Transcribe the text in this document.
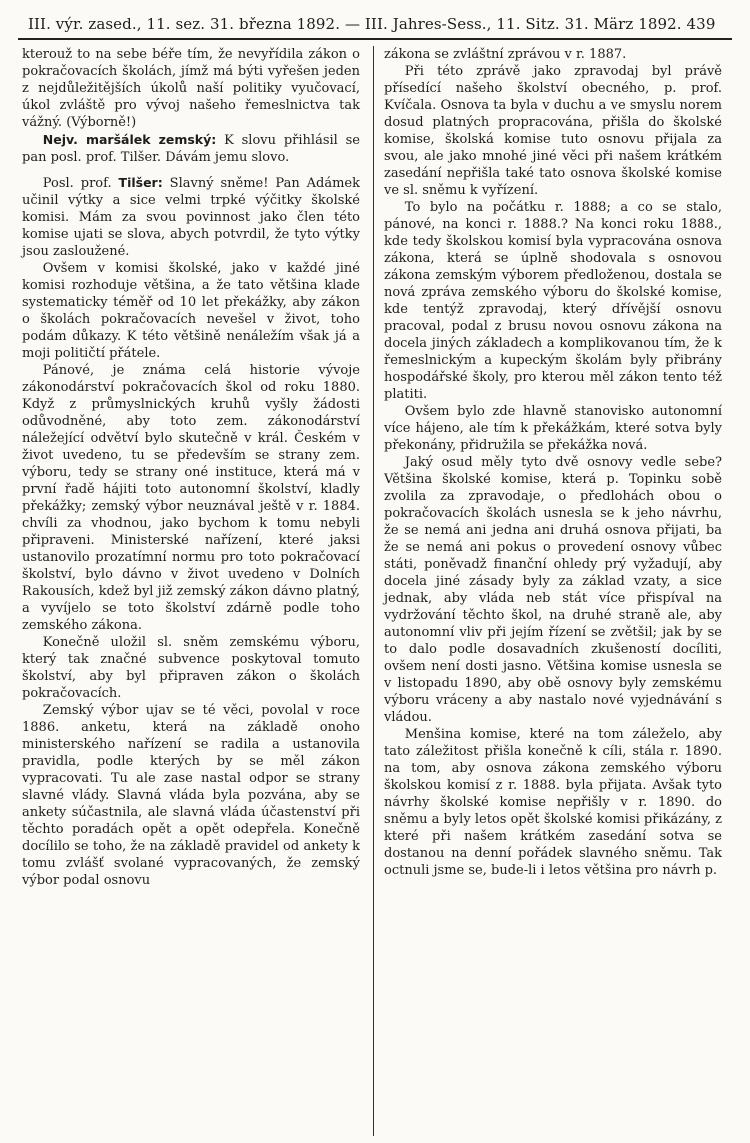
III. výr. zased., 11. sez. 31. března 1892. — III. Jahres-Sess., 11. Sitz. 31. März 1892. 439

kterouž to na sebe béře tím, že nevyřídila zákon o pokračovacích školách, jímž má býti vyřešen jeden z nejdůležitějších úkolů naší politiky vyučovací, úkol zvláště pro vývoj našeho řemeslnictva tak vážný. (Výborně!)

Nejv. maršálek zemský: K slovu přihlásil se pan posl. prof. Tilšer. Dávám jemu slovo.

Posl. prof. Tilšer: Slavný sněme! Pan Adámek učinil výtky a sice velmi trpké výčitky školské komisi. Mám za svou povinnost jako člen této komise ujati se slova, abych potvrdil, že tyto výtky jsou zasloužené.

Ovšem v komisi školské, jako v každé jiné komisi rozhoduje většina, a že tato většina klade systematicky téměř od 10 let překážky, aby zákon o školách pokračovacích nevešel v život, toho podám důkazy. K této většině nenáležím však já a moji političtí přátele.

Pánové, je známa celá historie vývoje zákonodárství pokračovacích škol od roku 1880. Když z průmyslnických kruhů vyšly žádosti odůvodněné, aby toto zem. zákonodárství náležející odvětví bylo skutečně v král. Českém v život uvedeno, tu se především se strany zem. výboru, tedy se strany oné instituce, která má v první řadě hájiti toto autonomní školství, kladly překážky; zemský výbor neuznával ještě v r. 1884. chvíli za vhodnou, jako bychom k tomu nebyli připraveni. Ministerské nařízení, které jaksi ustanovilo prozatímní normu pro toto pokračovací školství, bylo dávno v život uvedeno v Dolních Rakousích, kdež byl již zemský zákon dávno platný, a vyvíjelo se toto školství zdárně podle toho zemského zákona.

Konečně uložil sl. sněm zemskému výboru, který tak značné subvence poskytoval tomuto školství, aby byl připraven zákon o školách pokračovacích.

Zemský výbor ujav se té věci, povolal v roce 1886. anketu, která na základě onoho ministerského nařízení se radila a ustanovila pravidla, podle kterých by se měl zákon vypracovati. Tu ale zase nastal odpor se strany slavné vlády. Slavná vláda byla pozvána, aby se ankety súčastnila, ale slavná vláda účastenství při těchto poradách opět a opět odepřela. Konečně docílilo se toho, že na základě pravidel od ankety k tomu zvlášť svolané vypracovaných, že zemský výbor podal osnovu

zákona se zvláštní zprávou v r. 1887.

Při této zprávě jako zpravodaj byl právě přísedící našeho školství obecného, p. prof. Kvíčala. Osnova ta byla v duchu a ve smyslu norem dosud platných propracována, přišla do školské komise, školská komise tuto osnovu přijala za svou, ale jako mnohé jiné věci při našem krátkém zasedání nepřišla také tato osnova školské komise ve sl. sněmu k vyřízení.

To bylo na počátku r. 1888; a co se stalo, pánové, na konci r. 1888.? Na konci roku 1888., kde tedy školskou komisí byla vypracována osnova zákona, která se úplně shodovala s osnovou zákona zemským výborem předloženou, dostala se nová zpráva zemského výboru do školské komise, kde tentýž zpravodaj, který dřívější osnovu pracoval, podal z brusu novou osnovu zákona na docela jiných základech a komplikovanou tím, že k řemeslnickým a kupeckým školám byly přibrány hospodářské školy, pro kterou měl zákon tento též platiti.

Ovšem bylo zde hlavně stanovisko autonomní více hájeno, ale tím k překážkám, které sotva byly překonány, přidružila se překážka nová.

Jaký osud měly tyto dvě osnovy vedle sebe? Většina školské komise, která p. Topinku sobě zvolila za zpravodaje, o předlohách obou o pokračovacích školách usnesla se k jeho návrhu, že se nemá ani jedna ani druhá osnova přijati, ba že se nemá ani pokus o provedení osnovy vůbec státi, poněvadž finanční ohledy prý vyžadují, aby docela jiné zásady byly za základ vzaty, a sice jednak, aby vláda neb stát více přispíval na vydržování těchto škol, na druhé straně ale, aby autonomní vliv při jejím řízení se zvětšil; jak by se to dalo podle dosavadních zkušeností docíliti, ovšem není dosti jasno. Většina komise usnesla se v listopadu 1890, aby obě osnovy byly zemskému výboru vráceny a aby nastalo nové vyjednávání s vládou.

Menšina komise, které na tom záleželo, aby tato záležitost přišla konečně k cíli, stála r. 1890. na tom, aby osnova zákona zemského výboru školskou komisí z r. 1888. byla přijata. Avšak tyto návrhy školské komise nepřišly v r. 1890. do sněmu a byly letos opět školské komisi přikázány, z které při našem krátkém zasedání sotva se dostanou na denní pořádek slavného sněmu. Tak octnuli jsme se, bude-li i letos většina pro návrh p.
